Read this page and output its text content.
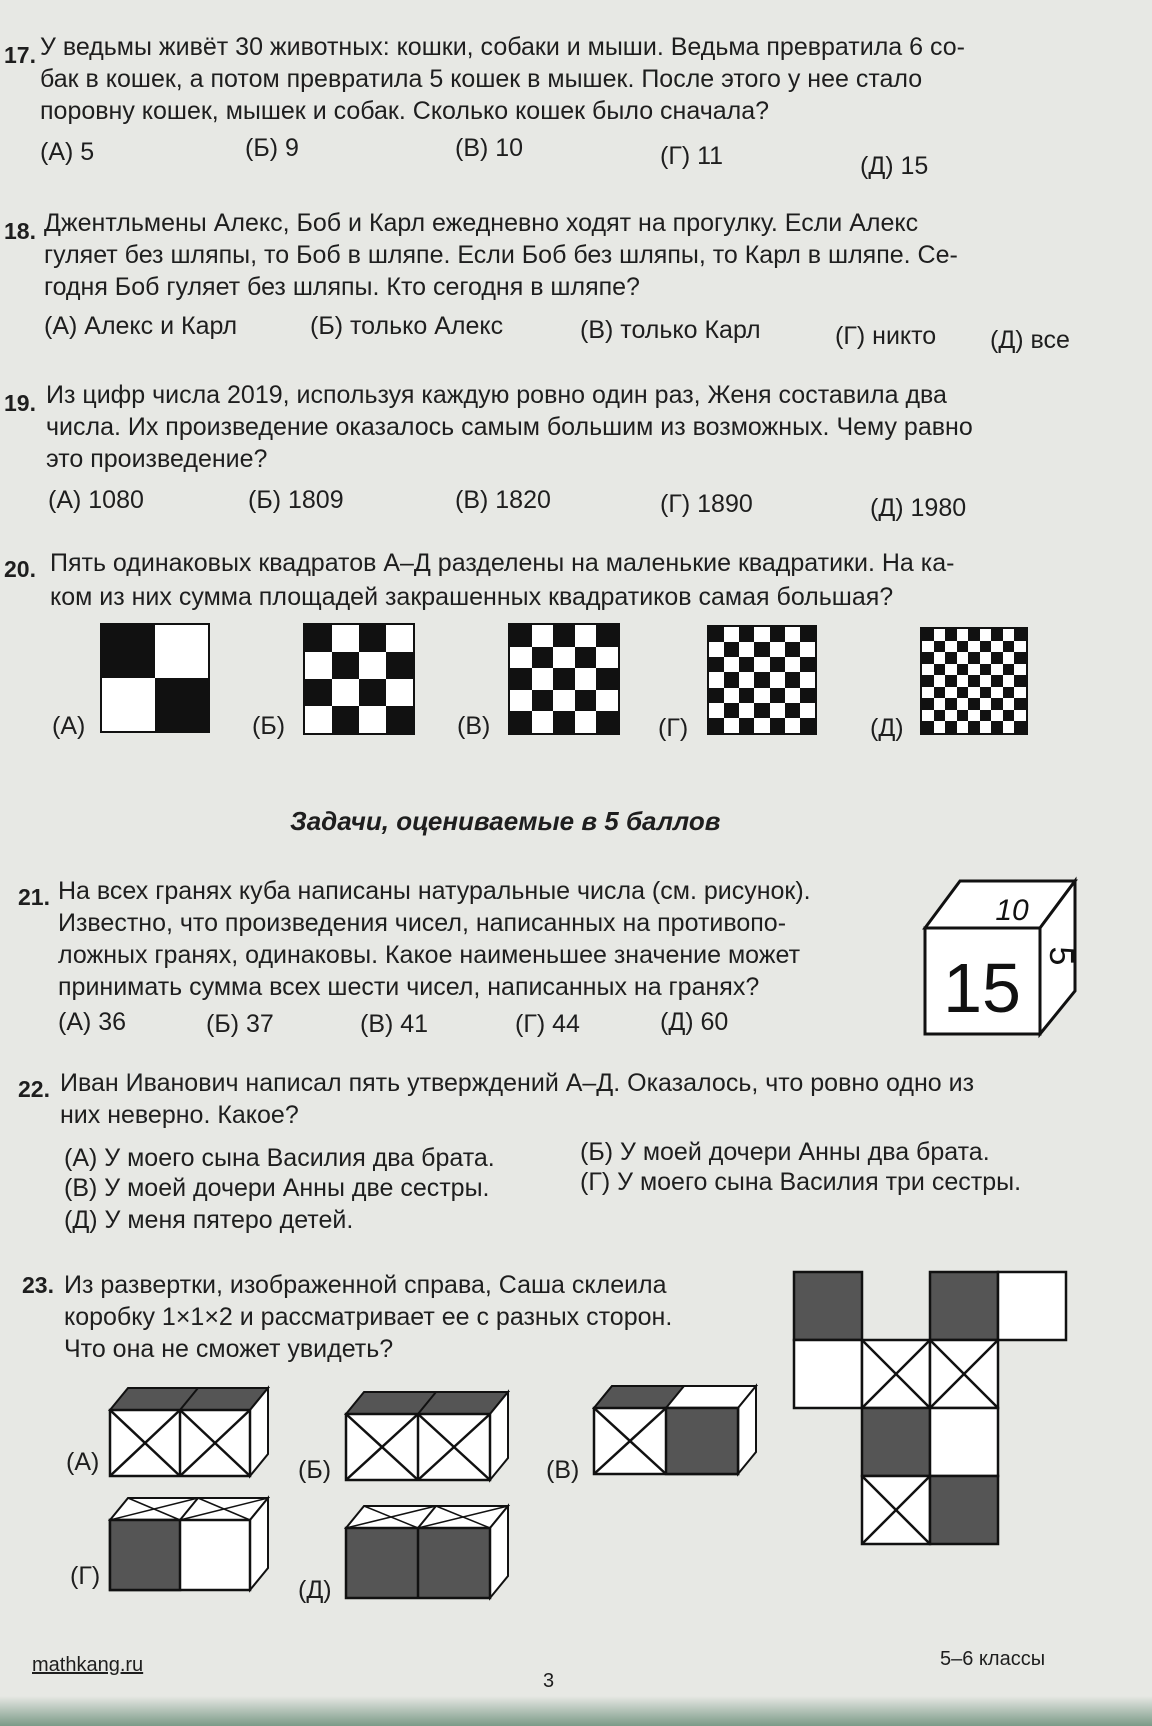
17. У ведьмы живёт 30 животных: кошки, собаки и мыши. Ведьма превратила 6 со-
бак в кошек, а потом превратила 5 кошек в мышек. После этого у нее стало
поровну кошек, мышек и собак. Сколько кошек было сначала?
(А) 5	(Б) 9	(В) 10	(Г) 11	(Д) 15
18. Джентльмены Алекс, Боб и Карл ежедневно ходят на прогулку. Если Алекс
гуляет без шляпы, то Боб в шляпе. Если Боб без шляпы, то Карл в шляпе. Се-
годня Боб гуляет без шляпы. Кто сегодня в шляпе?
(А) Алекс и Карл	(Б) только Алекс	(В) только Карл	(Г) никто (Д) все
19. Из цифр числа 2019, используя каждую ровно один раз, Женя составила два
числа. Их произведение оказалось самым большим из возможных. Чему равно
это произведение?
(А) 1080	(Б) 1809	(В) 1820	(Г) 1890	(Д) 1980
20. Пять одинаковых квадратов А–Д разделены на маленькие квадратики. На ка-
ком из них сумма площадей закрашенных квадратиков самая большая?
(А)	(Б)	(В)	(Г)	(Д)
Задачи, оцениваемые в 5 баллов
21. На всех гранях куба написаны натуральные числа (см. рисунок).
Известно, что произведения чисел, написанных на противопо-
ложных гранях, одинаковы. Какое наименьшее значение может
принимать сумма всех шести чисел, написанных на гранях?
(А) 36	(Б) 37	(В) 41	(Г) 44	(Д) 60	15
10
5
22. Иван Иванович написал пять утверждений А–Д. Оказалось, что ровно одно из
них неверно. Какое?
(А) У моего сына Василия два брата.	(Б) У моей дочери Анны два брата.
(В) У моей дочери Анны две сестры.	(Г) У моего сына Василия три сестры.
(Д) У меня пятеро детей.
23. Из развертки, изображенной справа, Саша склеила
коробку 1×1×2 и рассматривает ее с разных сторон.
Что она не сможет увидеть?
(А)	(Б)	(В)
(Г)	(Д)
mathkang.ru
3
5–6 классы
